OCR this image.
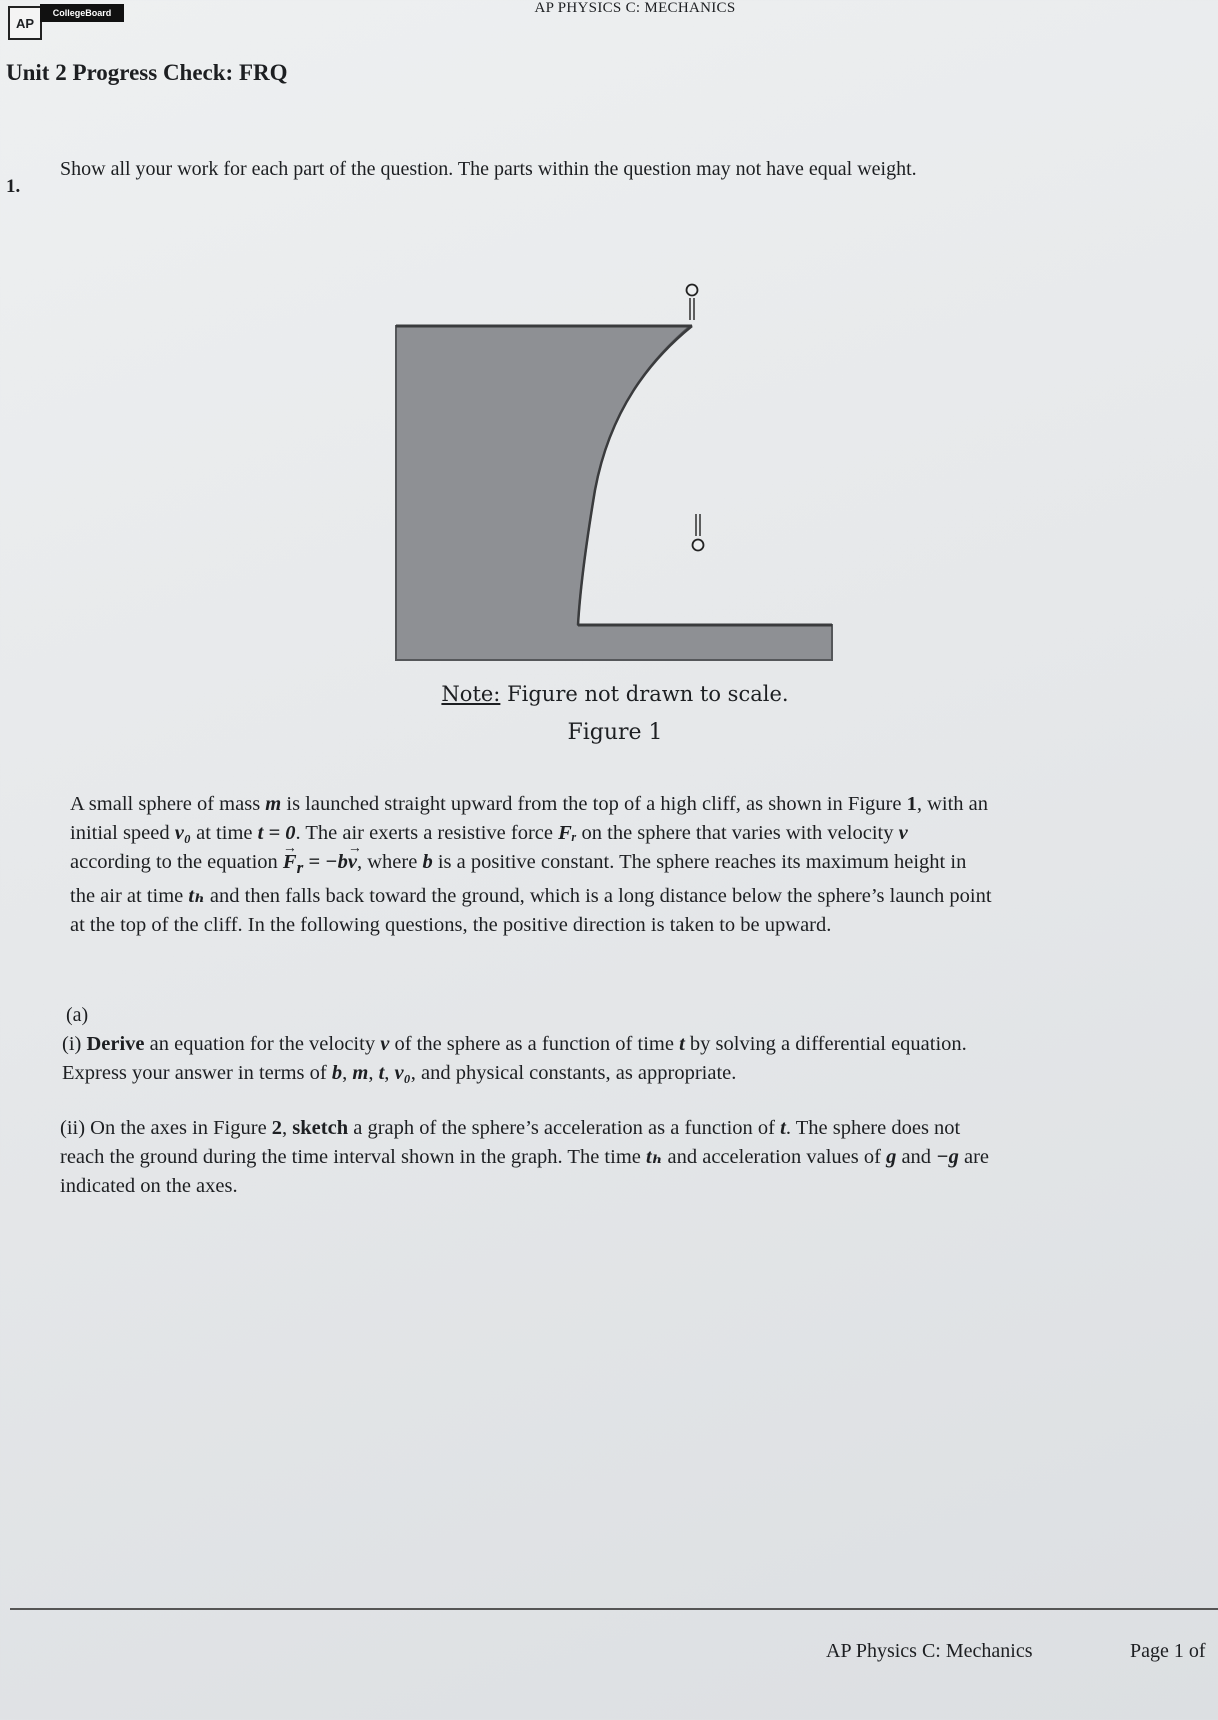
AP
CollegeBoard	AP PHYSICS C: MECHANICS
Unit 2 Progress Check: FRQ
1.
Show all your work for each part of the question. The parts within the question may not have equal weight.
Note: Figure not drawn to scale.
Figure 1
A small sphere of mass m is launched straight upward from the top of a high cliff, as shown in Figure 1, with an
initial speed v₀ at time t = 0. The air exerts a resistive force Fᵣ on the sphere that varies with velocity v
according to the equation → $F_r = -b\to v$, where b is a positive constant. The sphere reaches its maximum height in
the air at time tₕ and then falls back toward the ground, which is a long distance below the sphere’s launch point
at the top of the cliff. In the following questions, the positive direction is taken to be upward.
(a)
(i) Derive an equation for the velocity v of the sphere as a function of time t by solving a differential equation.
Express your answer in terms of b, m, t, v₀, and physical constants, as appropriate.
(ii) On the axes in Figure 2, sketch a graph of the sphere’s acceleration as a function of t. The sphere does not
reach the ground during the time interval shown in the graph. The time tₕ and acceleration values of g and −g are
indicated on the axes.
AP Physics C: Mechanics	Page 1 of
